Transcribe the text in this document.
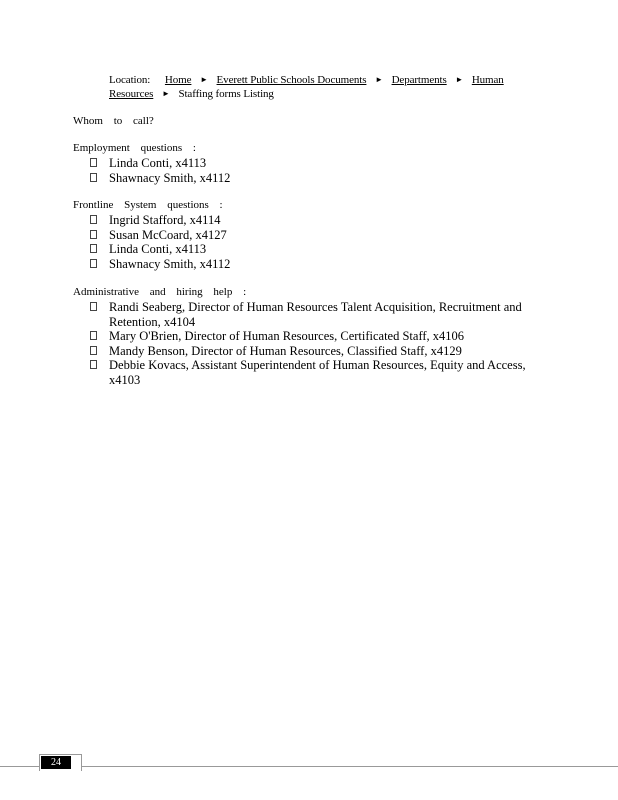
Location: Home ► Everett Public Schools Documents ► Departments ► Human Resources ► Staffing forms Listing
Whom to call?
Employment questions :
Linda Conti, x4113
Shawnacy Smith, x4112
Frontline System questions :
Ingrid Stafford, x4114
Susan McCoard, x4127
Linda Conti, x4113
Shawnacy Smith, x4112
Administrative and hiring help :
Randi Seaberg, Director of Human Resources Talent Acquisition, Recruitment and Retention, x4104
Mary O'Brien, Director of Human Resources, Certificated Staff, x4106
Mandy Benson, Director of Human Resources, Classified Staff, x4129
Debbie Kovacs, Assistant Superintendent of Human Resources, Equity and Access, x4103
24
